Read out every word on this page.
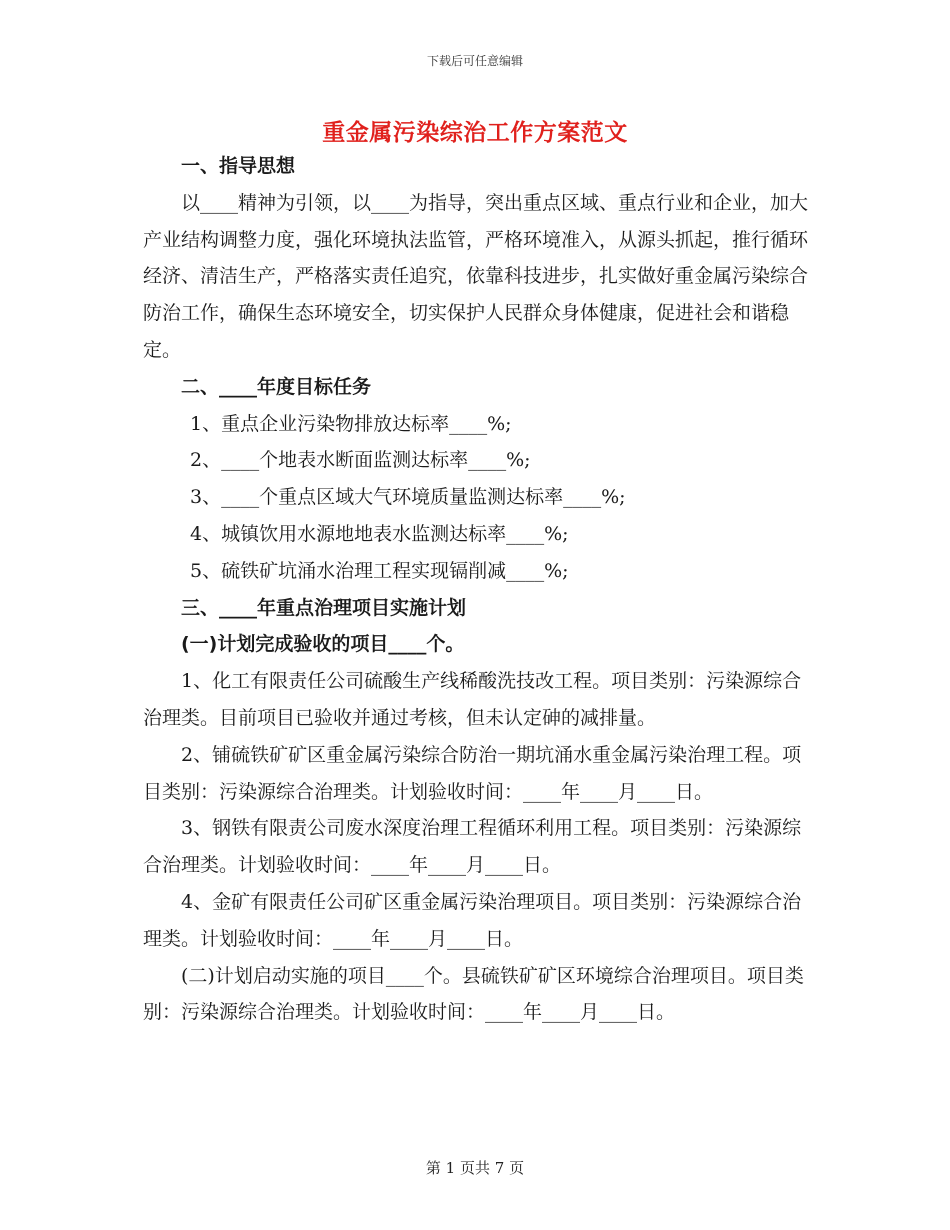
下载后可任意编辑
重金属污染综治工作方案范文

一、指导思想

以____精神为引领，以____为指导，突出重点区域、重点行业和企业，加大产业结构调整力度，强化环境执法监管，严格环境准入，从源头抓起，推行循环经济、清洁生产，严格落实责任追究，依靠科技进步，扎实做好重金属污染综合防治工作，确保生态环境安全，切实保护人民群众身体健康，促进社会和谐稳定。

二、____年度目标任务

1、重点企业污染物排放达标率____%;

2、____个地表水断面监测达标率____%;

3、____个重点区域大气环境质量监测达标率____%;

4、城镇饮用水源地地表水监测达标率____%;

5、硫铁矿坑涌水治理工程实现镉削减____%;

三、____年重点治理项目实施计划

(一)计划完成验收的项目____个。

1、化工有限责任公司硫酸生产线稀酸洗技改工程。项目类别：污染源综合治理类。目前项目已验收并通过考核，但未认定砷的减排量。

2、铺硫铁矿矿区重金属污染综合防治一期坑涌水重金属污染治理工程。项目类别：污染源综合治理类。计划验收时间：____年____月____日。

3、钢铁有限责公司废水深度治理工程循环利用工程。项目类别：污染源综合治理类。计划验收时间：____年____月____日。

4、金矿有限责任公司矿区重金属污染治理项目。项目类别：污染源综合治理类。计划验收时间：____年____月____日。

(二)计划启动实施的项目____个。县硫铁矿矿区环境综合治理项目。项目类别：污染源综合治理类。计划验收时间：____年____月____日。

第 1 页共 7 页
